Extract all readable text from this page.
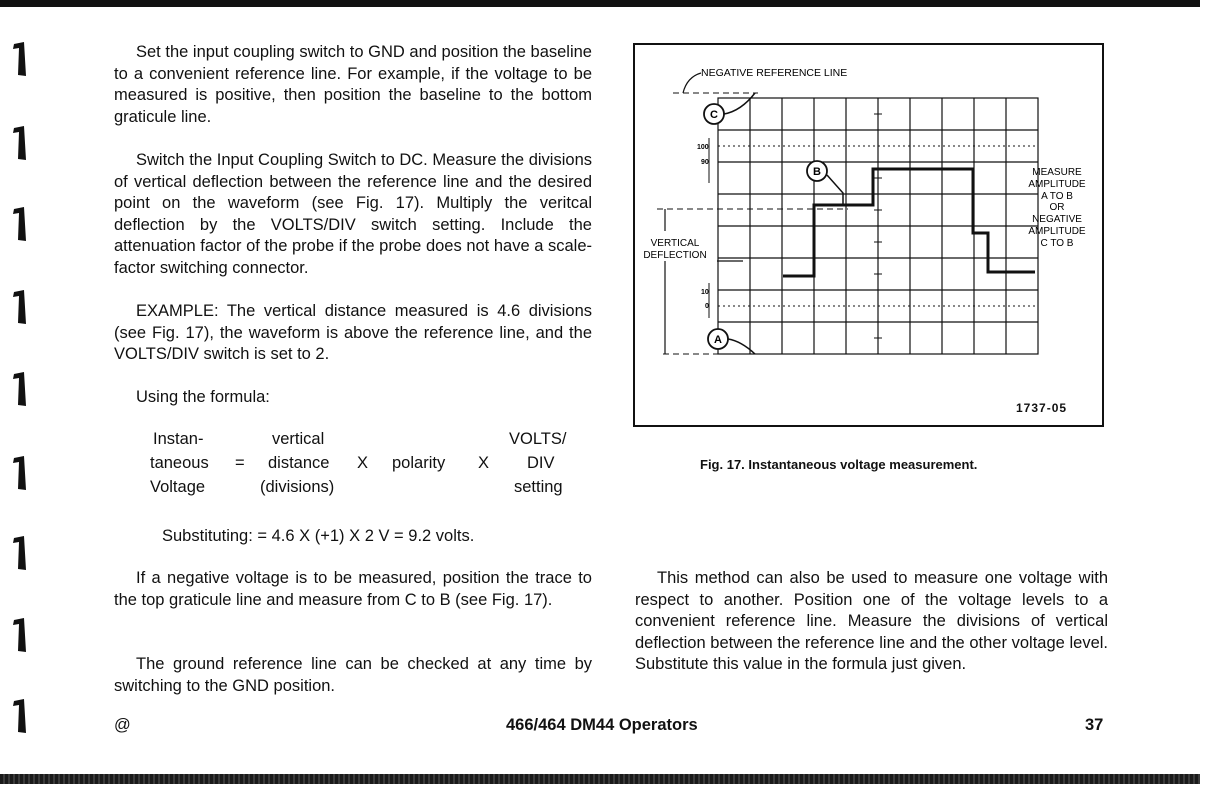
Set the input coupling switch to GND and position the baseline to a convenient reference line. For example, if the voltage to be measured is positive, then position the baseline to the bottom graticule line.

Switch the Input Coupling Switch to DC. Measure the divisions of vertical deflection between the reference line and the desired point on the waveform (see Fig. 17). Multiply the veritcal deflection by the VOLTS/DIV switch setting. Include the attenuation factor of the probe if the probe does not have a scale-factor switching connector.

EXAMPLE: The vertical distance measured is 4.6 divisions (see Fig. 17), the waveform is above the reference line, and the VOLTS/DIV switch is set to 2.

Using the formula:

Instan-
taneous
Voltage
=
vertical
distance
(divisions)
X polarity X
VOLTS/
DIV
setting
Substituting: = 4.6 X (+1) X 2 V = 9.2 volts.

If a negative voltage is to be measured, position the trace to the top graticule line and measure from C to B (see Fig. 17).

The ground reference line can be checked at any time by switching to the GND position.

100
90
10
0
NEGATIVE REFERENCE LINE
C
B
A
VERTICAL
DEFLECTION
MEASURE
AMPLITUDE
A TO B
OR
NEGATIVE
AMPLITUDE
C TO B
1737-05
Fig. 17. Instantaneous voltage measurement.

This method can also be used to measure one voltage with respect to another. Position one of the voltage levels to a convenient reference line. Measure the divisions of vertical deflection between the reference line and the other voltage level. Substitute this value in the formula just given.

@	466/464 DM44 Operators	37
